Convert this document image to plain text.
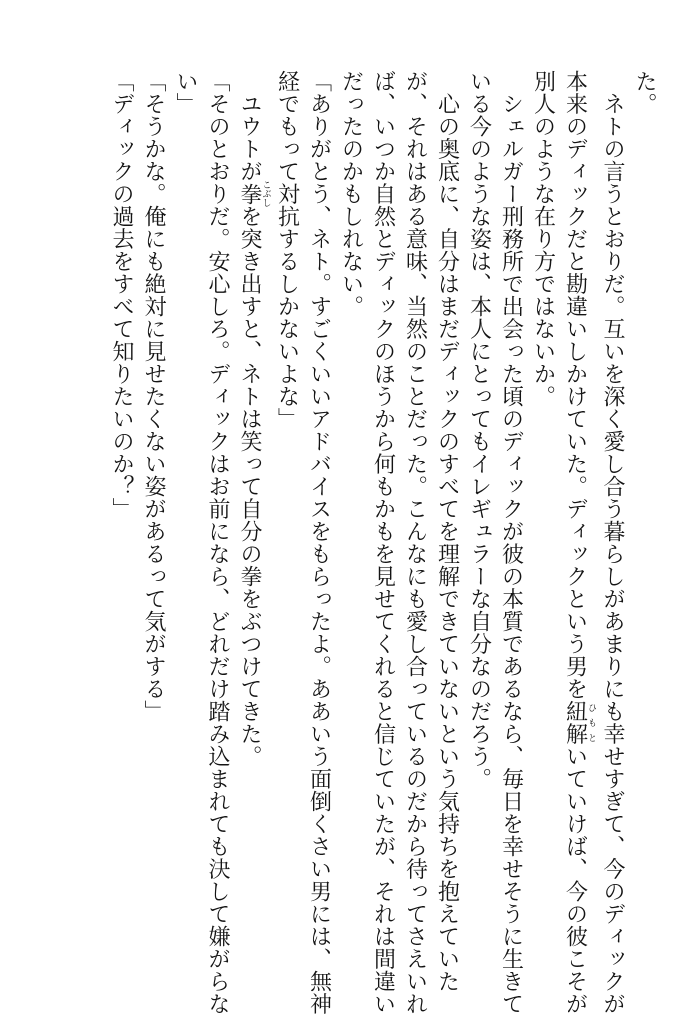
た。
　ネトの言うとおりだ。互いを深く愛し合う暮らしがあまりにも幸せすぎて、今のディックが
本来のディックだと勘違いしかけていた。ディックという男を紐解ひもといていけば、今の彼こそが
別人のような在り方ではないか。
　シェルガー刑務所で出会った頃のディックが彼の本質であるなら、毎日を幸せそうに生きて
いる今のような姿は、本人にとってもイレギュラーな自分なのだろう。
　心の奥底に、自分はまだディックのすべてを理解できていないという気持ちを抱えていた
が、それはある意味、当然のことだった。こんなにも愛し合っているのだから待ってさえいれ
ば、いつか自然とディックのほうから何もかもを見せてくれると信じていたが、それは間違い
だったのかもしれない。
「ありがとう、ネト。すごくいいアドバイスをもらったよ。ああいう面倒くさい男には、無神
経でもって対抗するしかないよな」
　ユウトが拳こぶしを突き出すと、ネトは笑って自分の拳をぶつけてきた。
「そのとおりだ。安心しろ。ディックはお前になら、どれだけ踏み込まれても決して嫌がらな
い」
「そうかな。俺にも絶対に見せたくない姿があるって気がする」
「ディックの過去をすべて知りたいのか？」
